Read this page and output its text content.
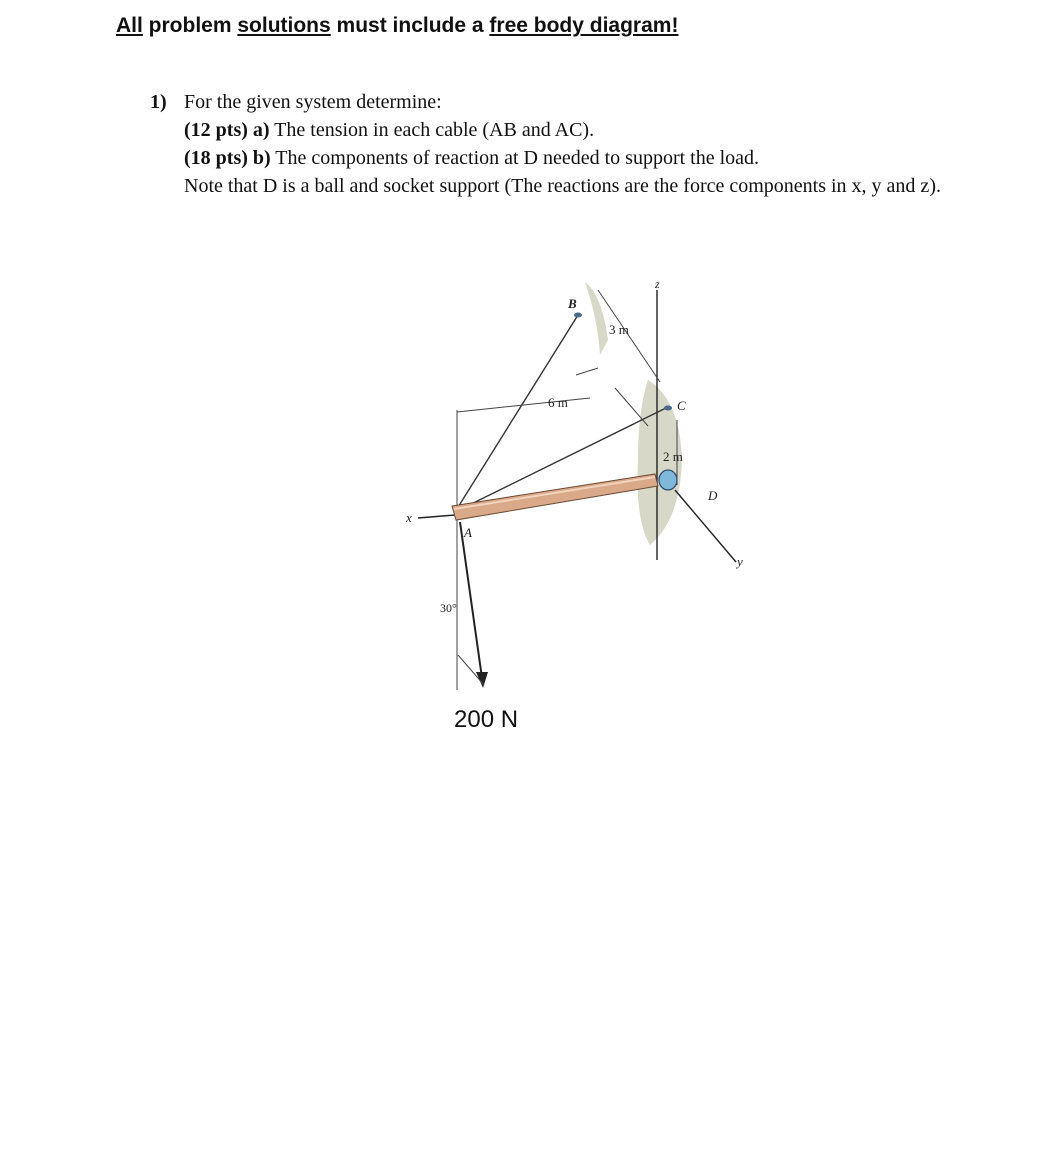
All problem solutions must include a free body diagram!
1) For the given system determine:
(12 pts) a) The tension in each cable (AB and AC).
(18 pts) b) The components of reaction at D needed to support the load.
Note that D is a ball and socket support (The reactions are the force components in x, y and z).
B
z
3 m
6 m	C
2 m
D
y
x
A
30°
200 N
